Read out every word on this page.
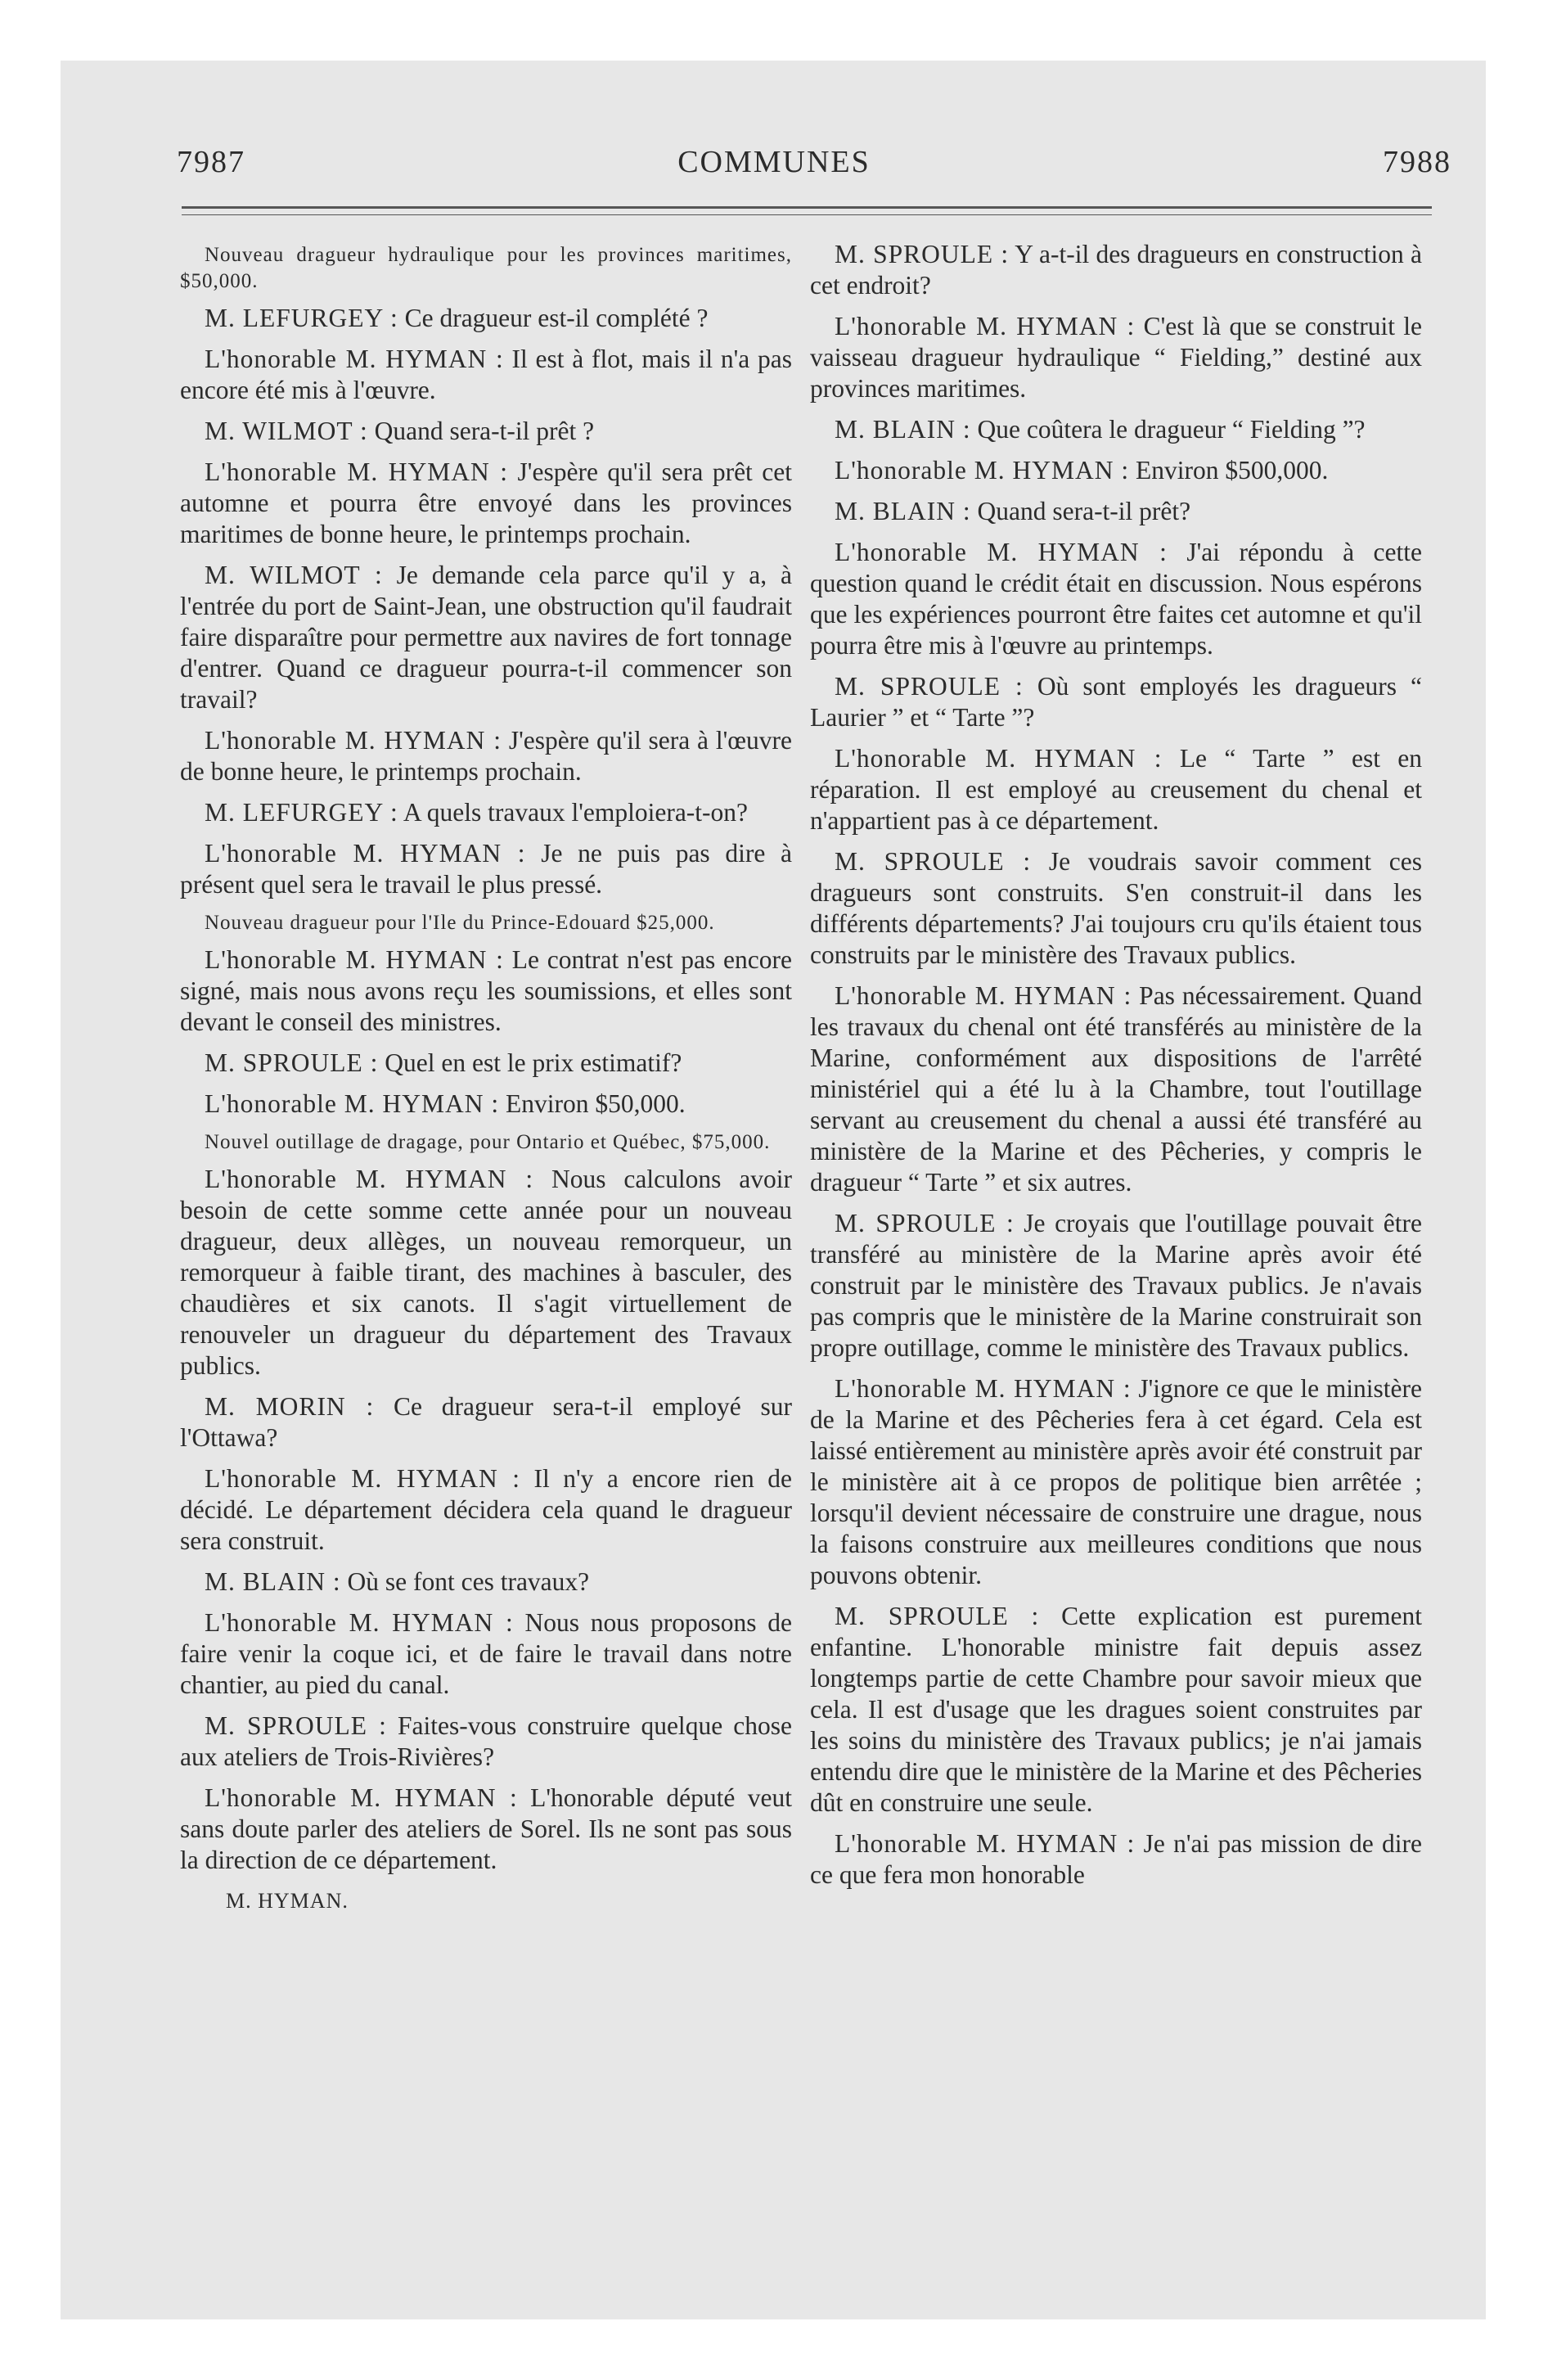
7987	COMMUNES	7988

Nouveau dragueur hydraulique pour les provinces maritimes, $50,000.

M. LEFURGEY : Ce dragueur est-il complété ?

L'honorable M. HYMAN : Il est à flot, mais il n'a pas encore été mis à l'œuvre.

M. WILMOT : Quand sera-t-il prêt ?

L'honorable M. HYMAN : J'espère qu'il sera prêt cet automne et pourra être envoyé dans les provinces maritimes de bonne heure, le printemps prochain.

M. WILMOT : Je demande cela parce qu'il y a, à l'entrée du port de Saint-Jean, une obstruction qu'il faudrait faire disparaître pour permettre aux navires de fort tonnage d'entrer. Quand ce dragueur pourra-t-il commencer son travail?

L'honorable M. HYMAN : J'espère qu'il sera à l'œuvre de bonne heure, le printemps prochain.

M. LEFURGEY : A quels travaux l'emploiera-t-on?

L'honorable M. HYMAN : Je ne puis pas dire à présent quel sera le travail le plus pressé.

Nouveau dragueur pour l'Ile du Prince-Edouard $25,000.

L'honorable M. HYMAN : Le contrat n'est pas encore signé, mais nous avons reçu les soumissions, et elles sont devant le conseil des ministres.

M. SPROULE : Quel en est le prix estimatif?

L'honorable M. HYMAN : Environ $50,000.

Nouvel outillage de dragage, pour Ontario et Québec, $75,000.

L'honorable M. HYMAN : Nous calculons avoir besoin de cette somme cette année pour un nouveau dragueur, deux allèges, un nouveau remorqueur, un remorqueur à faible tirant, des machines à basculer, des chaudières et six canots. Il s'agit virtuellement de renouveler un dragueur du département des Travaux publics.

M. MORIN : Ce dragueur sera-t-il employé sur l'Ottawa?

L'honorable M. HYMAN : Il n'y a encore rien de décidé. Le département décidera cela quand le dragueur sera construit.

M. BLAIN : Où se font ces travaux?

L'honorable M. HYMAN : Nous nous proposons de faire venir la coque ici, et de faire le travail dans notre chantier, au pied du canal.

M. SPROULE : Faites-vous construire quelque chose aux ateliers de Trois-Rivières?

L'honorable M. HYMAN : L'honorable député veut sans doute parler des ateliers de Sorel. Ils ne sont pas sous la direction de ce département.

M. HYMAN.

M. SPROULE : Y a-t-il des dragueurs en construction à cet endroit?

L'honorable M. HYMAN : C'est là que se construit le vaisseau dragueur hydraulique “ Fielding,” destiné aux provinces maritimes.

M. BLAIN : Que coûtera le dragueur “ Fielding ”?

L'honorable M. HYMAN : Environ $500,000.

M. BLAIN : Quand sera-t-il prêt?

L'honorable M. HYMAN : J'ai répondu à cette question quand le crédit était en discussion. Nous espérons que les expériences pourront être faites cet automne et qu'il pourra être mis à l'œuvre au printemps.

M. SPROULE : Où sont employés les dragueurs “ Laurier ” et “ Tarte ”?

L'honorable M. HYMAN : Le “ Tarte ” est en réparation. Il est employé au creusement du chenal et n'appartient pas à ce département.

M. SPROULE : Je voudrais savoir comment ces dragueurs sont construits. S'en construit-il dans les différents départements? J'ai toujours cru qu'ils étaient tous construits par le ministère des Travaux publics.

L'honorable M. HYMAN : Pas nécessairement. Quand les travaux du chenal ont été transférés au ministère de la Marine, conformément aux dispositions de l'arrêté ministériel qui a été lu à la Chambre, tout l'outillage servant au creusement du chenal a aussi été transféré au ministère de la Marine et des Pêcheries, y compris le dragueur “ Tarte ” et six autres.

M. SPROULE : Je croyais que l'outillage pouvait être transféré au ministère de la Marine après avoir été construit par le ministère des Travaux publics. Je n'avais pas compris que le ministère de la Marine construirait son propre outillage, comme le ministère des Travaux publics.

L'honorable M. HYMAN : J'ignore ce que le ministère de la Marine et des Pêcheries fera à cet égard. Cela est laissé entièrement au ministère après avoir été construit par le ministère ait à ce propos de politique bien arrêtée ; lorsqu'il devient nécessaire de construire une drague, nous la faisons construire aux meilleures conditions que nous pouvons obtenir.

M. SPROULE : Cette explication est purement enfantine. L'honorable ministre fait depuis assez longtemps partie de cette Chambre pour savoir mieux que cela. Il est d'usage que les dragues soient construites par les soins du ministère des Travaux publics; je n'ai jamais entendu dire que le ministère de la Marine et des Pêcheries dût en construire une seule.

L'honorable M. HYMAN : Je n'ai pas mission de dire ce que fera mon honorable
